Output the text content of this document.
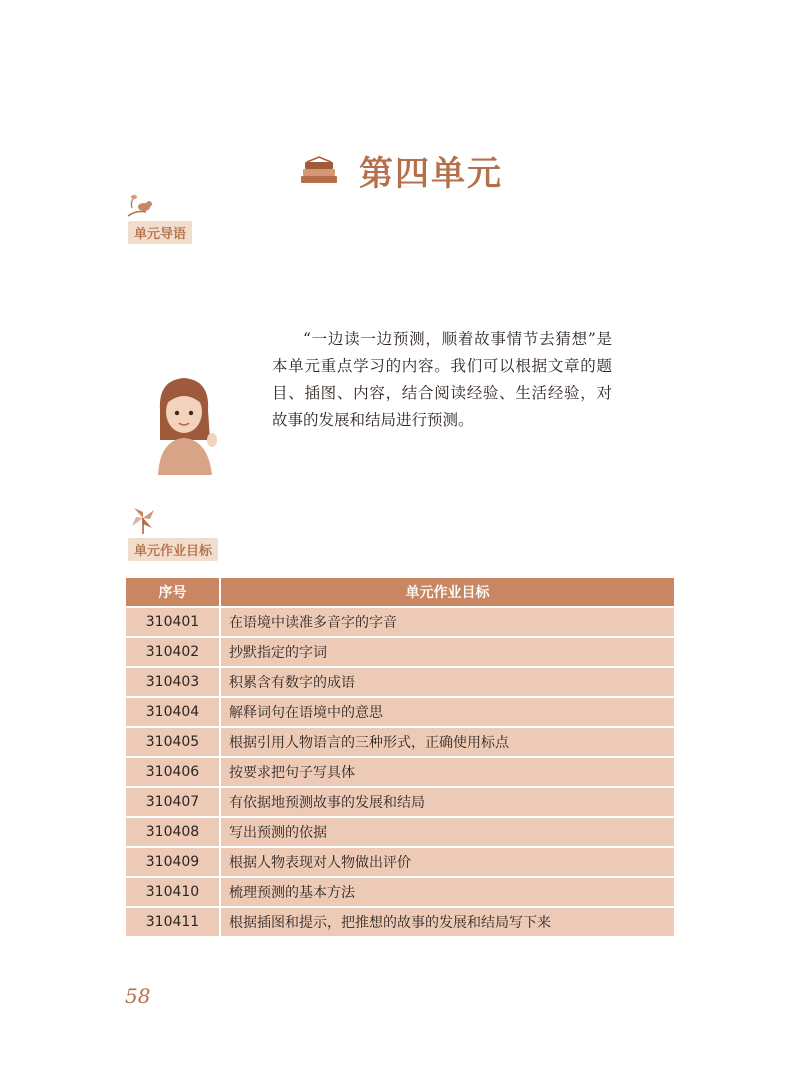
第四单元
单元导语

“一边读一边预测，顺着故事情节去猜想”是本单元重点学习的内容。我们可以根据文章的题目、插图、内容，结合阅读经验、生活经验，对故事的发展和结局进行预测。

单元作业目标
序号	单元作业目标
310401	在语境中读准多音字的字音
310402	抄默指定的字词
310403	积累含有数字的成语
310404	解释词句在语境中的意思
310405	根据引用人物语言的三种形式，正确使用标点
310406	按要求把句子写具体
310407	有依据地预测故事的发展和结局
310408	写出预测的依据
310409	根据人物表现对人物做出评价
310410	梳理预测的基本方法
310411	根据插图和提示，把推想的故事的发展和结局写下来
58
